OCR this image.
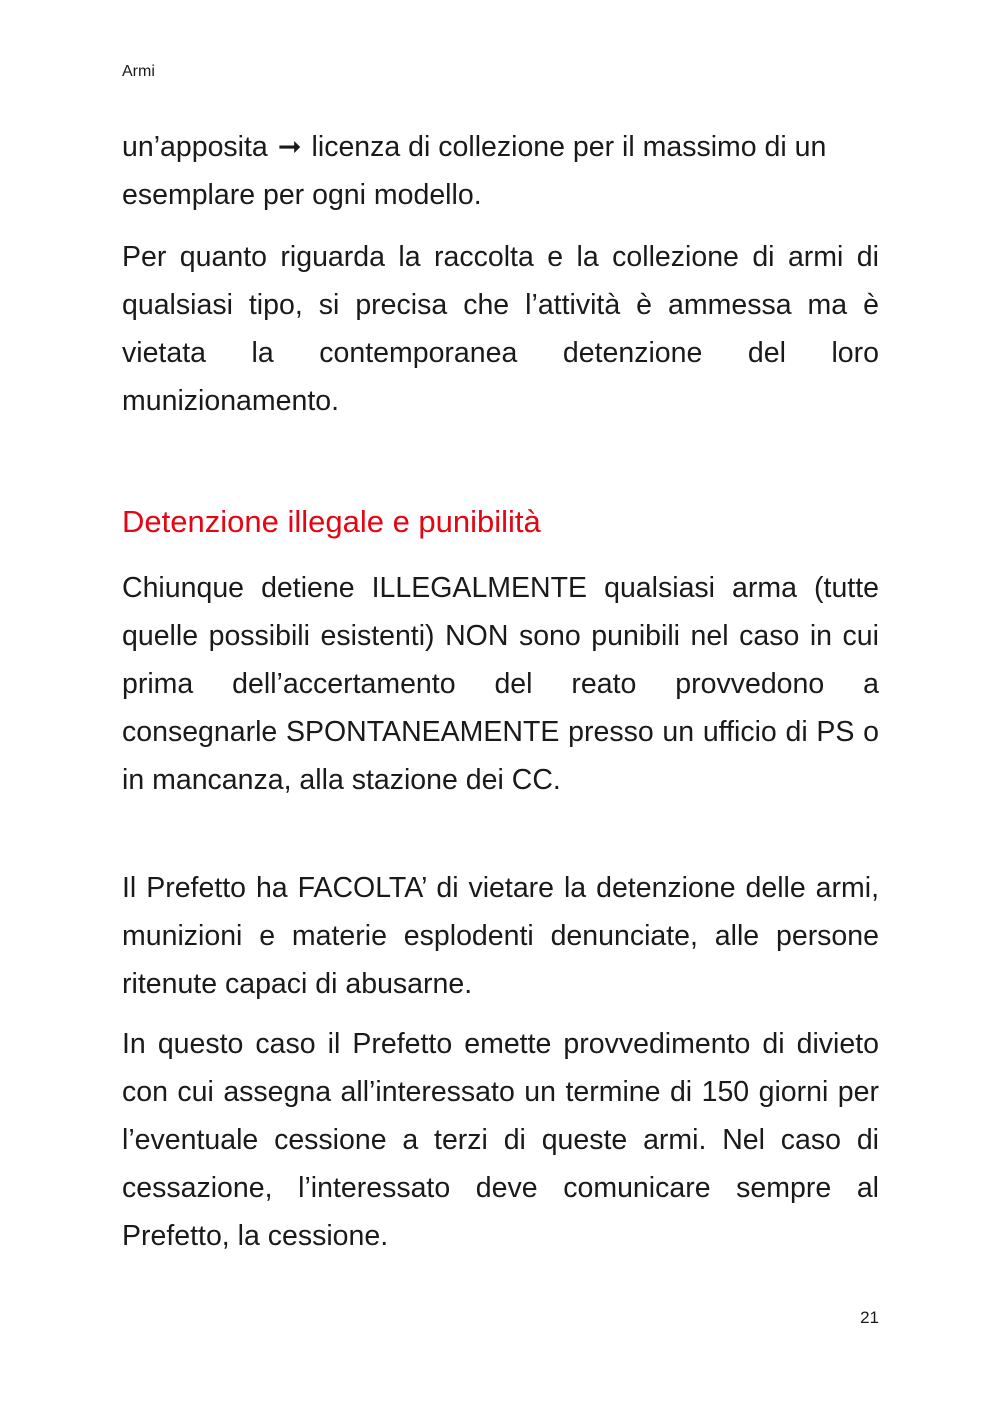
Armi

un’apposita ➞ licenza di collezione per il massimo di un esemplare per ogni modello.

Per quanto riguarda la raccolta e la collezione di armi di qualsiasi tipo, si precisa che l’attività è ammessa ma è vietata la contemporanea detenzione del loro munizionamento.

Detenzione illegale e punibilità

Chiunque detiene ILLEGALMENTE qualsiasi arma (tutte quelle possibili esistenti) NON sono punibili nel caso in cui prima dell’accertamento del reato provvedono a consegnarle SPONTANEAMENTE presso un ufficio di PS o in mancanza, alla stazione dei CC.

Il Prefetto ha FACOLTA’ di vietare la detenzione delle armi, munizioni e materie esplodenti denunciate, alle persone ritenute capaci di abusarne.

In questo caso il Prefetto emette provvedimento di divieto con cui assegna all’interessato un termine di 150 giorni per l’eventuale cessione a terzi di queste armi. Nel caso di cessazione, l’interessato deve comunicare sempre al Prefetto, la cessione.

21
